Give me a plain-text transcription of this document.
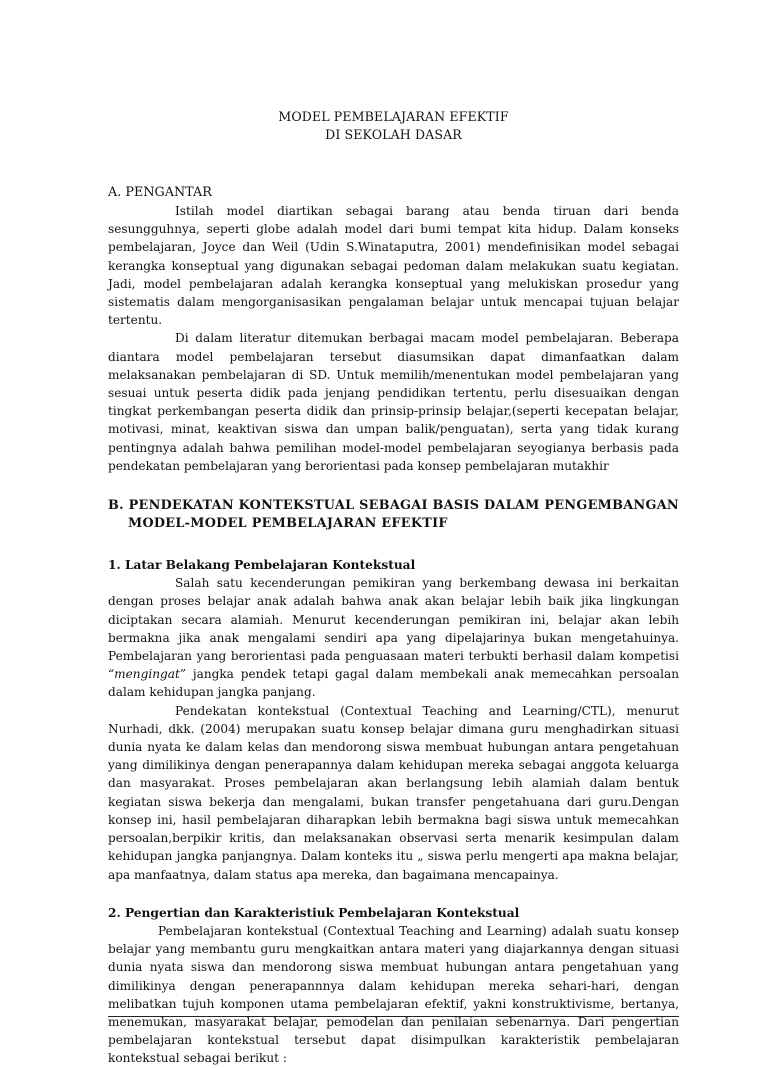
MODEL PEMBELAJARAN EFEKTIF
DI SEKOLAH DASAR
A. PENGANTAR

Istilah model diartikan sebagai barang atau benda tiruan dari benda sesungguhnya, seperti globe adalah model dari bumi tempat kita hidup. Dalam konseks pembelajaran, Joyce dan Weil (Udin S.Winataputra, 2001) mendefinisikan model sebagai kerangka konseptual yang digunakan sebagai pedoman dalam melakukan suatu kegiatan. Jadi, model pembelajaran adalah kerangka konseptual yang melukiskan prosedur yang sistematis dalam mengorganisasikan pengalaman belajar untuk mencapai tujuan belajar tertentu.

Di dalam literatur ditemukan berbagai macam model pembelajaran. Beberapa diantara model pembelajaran tersebut diasumsikan dapat dimanfaatkan dalam melaksanakan pembelajaran di SD. Untuk memilih/menentukan model pembelajaran yang sesuai untuk peserta didik pada jenjang pendidikan tertentu, perlu disesuaikan dengan tingkat perkembangan peserta didik dan prinsip-prinsip belajar,(seperti kecepatan belajar, motivasi, minat, keaktivan siswa dan umpan balik/penguatan), serta yang tidak kurang pentingnya adalah bahwa pemilihan model-model pembelajaran seyogianya berbasis pada pendekatan pembelajaran yang berorientasi pada konsep pembelajaran mutakhir

B. PENDEKATAN KONTEKSTUAL SEBAGAI BASIS DALAM PENGEMBANGAN
MODEL-MODEL PEMBELAJARAN EFEKTIF
1. Latar Belakang Pembelajaran Kontekstual

Salah satu kecenderungan pemikiran yang berkembang dewasa ini berkaitan dengan proses belajar anak adalah bahwa anak akan belajar lebih baik jika lingkungan diciptakan secara alamiah. Menurut kecenderungan pemikiran ini, belajar akan lebih bermakna jika anak mengalami sendiri apa yang dipelajarinya bukan mengetahuinya. Pembelajaran yang berorientasi pada penguasaan materi terbukti berhasil dalam kompetisi “mengingat” jangka pendek tetapi gagal dalam membekali anak memecahkan persoalan dalam kehidupan jangka panjang.

Pendekatan kontekstual (Contextual Teaching and Learning/CTL), menurut Nurhadi, dkk. (2004) merupakan suatu konsep belajar dimana guru menghadirkan situasi dunia nyata ke dalam kelas dan mendorong siswa membuat hubungan antara pengetahuan yang dimilikinya dengan penerapannya dalam kehidupan mereka sebagai anggota keluarga dan masyarakat. Proses pembelajaran akan berlangsung lebih alamiah dalam bentuk kegiatan siswa bekerja dan mengalami, bukan transfer pengetahuana dari guru.Dengan konsep ini, hasil pembelajaran diharapkan lebih bermakna bagi siswa untuk memecahkan persoalan,berpikir kritis, dan melaksanakan observasi serta menarik kesimpulan dalam kehidupan jangka panjangnya. Dalam konteks itu „ siswa perlu mengerti apa makna belajar, apa manfaatnya, dalam status apa mereka, dan bagaimana mencapainya.

2. Pengertian dan Karakteristiuk Pembelajaran Kontekstual

Pembelajaran kontekstual (Contextual Teaching and Learning) adalah suatu konsep belajar yang membantu guru mengkaitkan antara materi yang diajarkannya dengan situasi dunia nyata siswa dan mendorong siswa membuat hubungan antara pengetahuan yang dimilikinya dengan penerapannnya dalam kehidupan mereka sehari-hari, dengan melibatkan tujuh komponen utama pembelajaran efektif, yakni konstruktivisme, bertanya, menemukan, masyarakat belajar, pemodelan dan penilaian sebenarnya. Dari pengertian pembelajaran kontekstual tersebut dapat disimpulkan karakteristik pembelajaran kontekstual sebagai berikut :
